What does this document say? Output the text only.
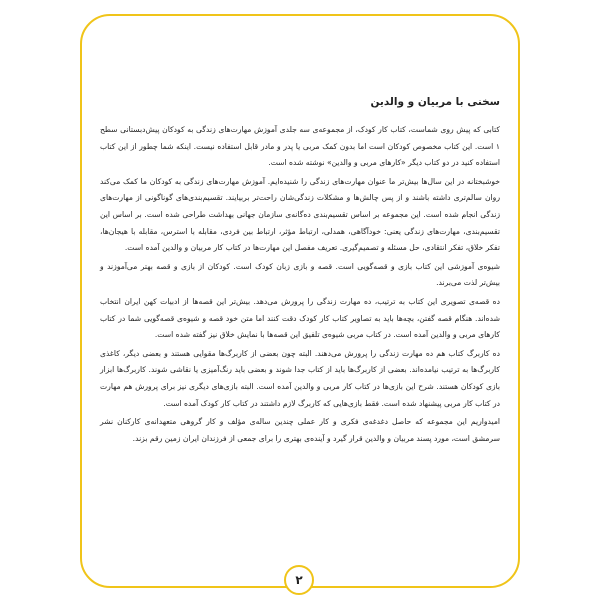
سخنی با مربیان و والدین

کتابی که پیش روی شماست، کتاب کار کودک، از مجموعه‌ی سه جلدی آموزش مهارت‌های زندگی به کودکان پیش‌دبستانی سطح ۱ است. این کتاب مخصوص کودکان است اما بدون کمک مربی یا پدر و مادر قابل استفاده نیست. اینکه شما چطور از این کتاب استفاده کنید در دو کتاب دیگر «کارهای مربی و والدین» نوشته شده است.

خوشبختانه در این سال‌ها بیش‌تر ما عنوان مهارت‌های زندگی را شنیده‌ایم. آموزش مهارت‌های زندگی به کودکان ما کمک می‌کند روان سالم‌تری داشته باشند و از پس چالش‌ها و مشکلات زندگی‌شان راحت‌تر بربیایند. تقسیم‌بندی‌های گوناگونی از مهارت‌های زندگی انجام شده است. این مجموعه بر اساس تقسیم‌بندی ده‌گانه‌ی سازمان جهانی بهداشت طراحی شده است. بر اساس این تقسیم‌بندی، مهارت‌های زندگی یعنی: خودآگاهی، همدلی، ارتباط مؤثر، ارتباط بین فردی، مقابله با استرس، مقابله با هیجان‌ها، تفکر خلاق، تفکر انتقادی، حل مسئله و تصمیم‌گیری. تعریف مفصل این مهارت‌ها در کتاب کار مربیان و والدین آمده است.

شیوه‌ی آموزشی این کتاب بازی و قصه‌گویی است. قصه و بازی زبان کودک است. کودکان از بازی و قصه بهتر می‌آموزند و بیش‌تر لذت می‌برند.

ده قصه‌ی تصویری این کتاب به ترتیب، ده مهارت زندگی را پرورش می‌دهد. بیش‌تر این قصه‌ها از ادبیات کهن ایران انتخاب شده‌اند. هنگام قصه گفتن، بچه‌ها باید به تصاویر کتاب کار کودک دقت کنند اما متن خود قصه و شیوه‌ی قصه‌گویی شما در کتاب کارهای مربی و والدین آمده است. در کتاب مربی شیوه‌ی تلفیق این قصه‌ها با نمایش خلاق نیز گفته شده است.

ده کاربرگ کتاب هم ده مهارت زندگی را پرورش می‌دهند. البته چون بعضی از کاربرگ‌ها مقوایی هستند و بعضی دیگر، کاغذی کاربرگ‌ها به ترتیب نیامده‌اند. بعضی از کاربرگ‌ها باید از کتاب جدا شوند و بعضی باید رنگ‌آمیزی یا نقاشی شوند. کاربرگ‌ها ابزار بازی کودکان هستند. شرح این بازی‌ها در کتاب کار مربی و والدین آمده است. البته بازی‌های دیگری نیز برای پرورش هم مهارت در کتاب کار مربی پیشنهاد شده است. فقط بازی‌هایی که کاربرگ لازم داشتند در کتاب کار کودک آمده است.

امیدواریم این مجموعه که حاصل دغدغه‌ی فکری و کار عملی چندین ساله‌ی مؤلف و کار گروهی متعهدانه‌ی کارکنان نشر سرمشق است، مورد پسند مربیان و والدین قرار گیرد و آینده‌ی بهتری را برای جمعی از فرزندان ایران زمین رقم بزند.

۲
